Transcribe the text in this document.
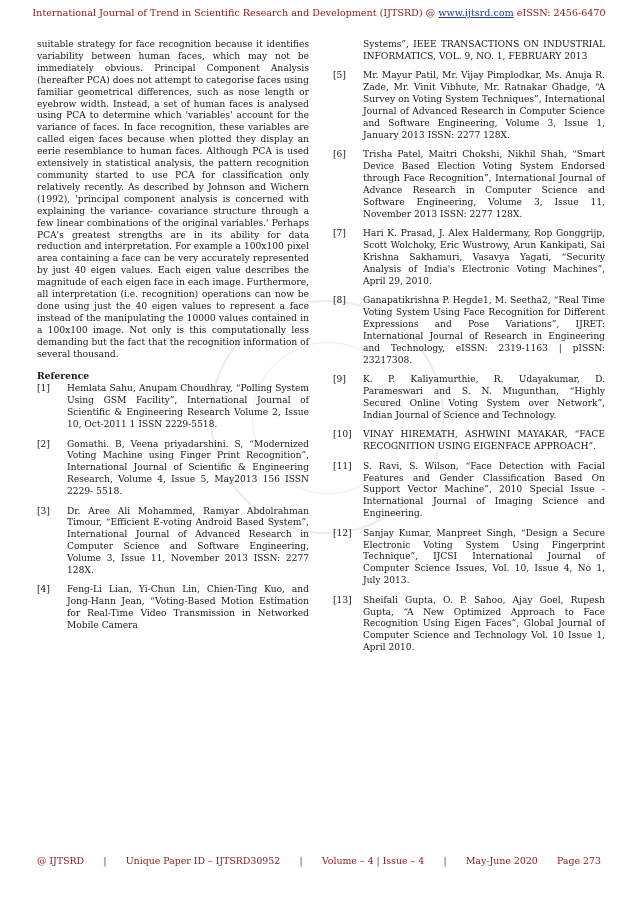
International Journal of Trend in Scientific Research and Development (IJTSRD) @ www.ijtsrd.com eISSN: 2456-6470

suitable strategy for face recognition because it identifies variability between human faces, which may not be immediately obvious. Principal Component Analysis (hereafter PCA) does not attempt to categorise faces using familiar geometrical differences, such as nose length or eyebrow width. Instead, a set of human faces is analysed using PCA to determine which 'variables' account for the variance of faces. In face recognition, these variables are called eigen faces because when plotted they display an eerie resemblance to human faces. Although PCA is used extensively in statistical analysis, the pattern recognition community started to use PCA for classification only relatively recently. As described by Johnson and Wichern (1992), 'principal component analysis is concerned with explaining the variance- covariance structure through a few linear combinations of the original variables.' Perhaps PCA's greatest strengths are in its ability for data reduction and interpretation. For example a 100x100 pixel area containing a face can be very accurately represented by just 40 eigen values. Each eigen value describes the magnitude of each eigen face in each image. Furthermore, all interpretation (i.e. recognition) operations can now be done using just the 40 eigen values to represent a face instead of the manipulating the 10000 values contained in a 100x100 image. Not only is this computationally less demanding but the fact that the recognition information of several thousand.

Reference
[1]	Hemlata Sahu, Anupam Choudhray, “Polling System Using GSM Facility”, International Journal of Scientific & Engineering Research Volume 2, Issue 10, Oct-2011 1 ISSN 2229-5518.
[2]	Gomathi. B, Veena priyadarshini. S, “Modernized Voting Machine using Finger Print Recognition”, International Journal of Scientific & Engineering Research, Volume 4, Issue 5, May2013 156 ISSN 2229- 5518.
[3]	Dr. Aree Ali Mohammed, Ramyar Abdolrahman Timour, “Efficient E-voting Android Based System”, International Journal of Advanced Research in Computer Science and Software Engineering, Volume 3, Issue 11, November 2013 ISSN: 2277 128X.
[4]	Feng-Li Lian, Yi-Chun Lin, Chien-Ting Kuo, and Jong-Hann Jean, “Voting-Based Motion Estimation for Real-Time Video Transmission in Networked Mobile Camera
Systems”, IEEE TRANSACTIONS ON INDUSTRIAL INFORMATICS, VOL. 9, NO. 1, FEBRUARY 2013
[5]	Mr. Mayur Patil, Mr. Vijay Pimplodkar, Ms. Anuja R. Zade, Mr. Vinit Vibhute, Mr. Ratnakar Ghadge, “A Survey on Voting System Techniques”, International Journal of Advanced Research in Computer Science and Software Engineering, Volume 3, Issue 1, January 2013 ISSN: 2277 128X.
[6]	Trisha Patel, Maitri Chokshi, Nikhil Shah, “Smart Device Based Election Voting System Endorsed through Face Recognition”, International Journal of Advance Research in Computer Science and Software Engineering, Volume 3, Issue 11, November 2013 ISSN: 2277 128X.
[7]	Hari K. Prasad, J. Alex Haldermany, Rop Gonggrijp, Scott Wolchoky, Eric Wustrowy, Arun Kankipati, Sai Krishna Sakhamuri, Vasavya Yagati, “Security Analysis of India's Electronic Voting Machines”, April 29, 2010.
[8]	Ganapatikrishna P. Hegde1, M. Seetha2, “Real Time Voting System Using Face Recognition for Different Expressions and Pose Variations”, IJRET: International Journal of Research in Engineering and Technology, eISSN: 2319-1163 | pISSN: 23217308.
[9]	K. P. Kaliyamurthie, R. Udayakumar, D. Parameswari and S. N. Mugunthan, “Highly Secured Online Voting System over Network”, Indian Journal of Science and Technology.
[10]	VINAY HIREMATH, ASHWINI MAYAKAR, “FACE RECOGNITION USING EIGENFACE APPROACH”.
[11]	S. Ravi, S. Wilson, “Face Detection with Facial Features and Gender Classification Based On Support Vector Machine”, 2010 Special Issue - International Journal of Imaging Science and Engineering.
[12]	Sanjay Kumar, Manpreet Singh, “Design a Secure Electronic Voting System Using Fingerprint Technique”, IJCSI International Journal of Computer Science Issues, Vol. 10, Issue 4, No 1, July 2013.
[13]	Sheifali Gupta, O. P. Sahoo, Ajay Goel, Rupesh Gupta, “A New Optimized Approach to Face Recognition Using Eigen Faces”, Global Journal of Computer Science and Technology Vol. 10 Issue 1, April 2010.
@ IJTSRD | Unique Paper ID – IJTSRD30952 | Volume – 4 | Issue – 4 | May-June 2020 Page 273
